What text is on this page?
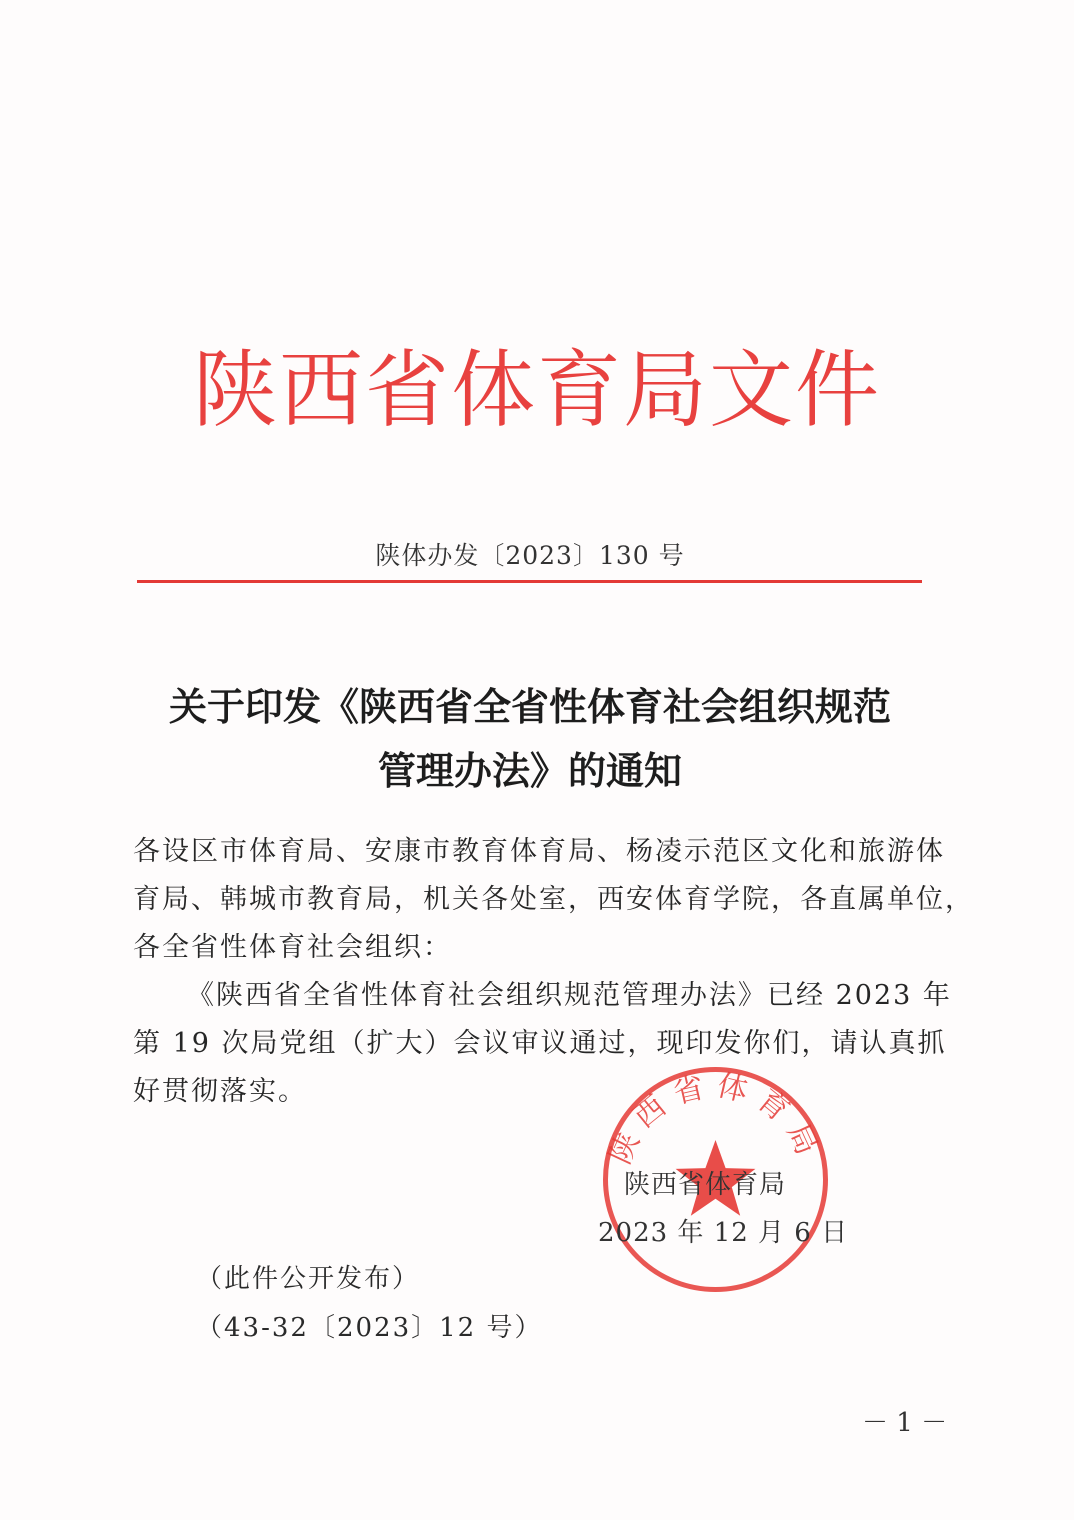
陕西省体育局文件
陕体办发〔2023〕130 号
关于印发《陕西省全省性体育社会组织规范
管理办法》的通知
各设区市体育局、安康市教育体育局、杨凌示范区文化和旅游体
育局、韩城市教育局，机关各处室，西安体育学院，各直属单位，
各全省性体育社会组织：
《陕西省全省性体育社会组织规范管理办法》已经 2023 年
第 19 次局党组（扩大）会议审议通过，现印发你们，请认真抓
好贯彻落实。
陕西省体育局
陕西省体育局
2023 年 12 月 6 日
（此件公开发布）
（43-32〔2023〕12 号）
－ 1 －
